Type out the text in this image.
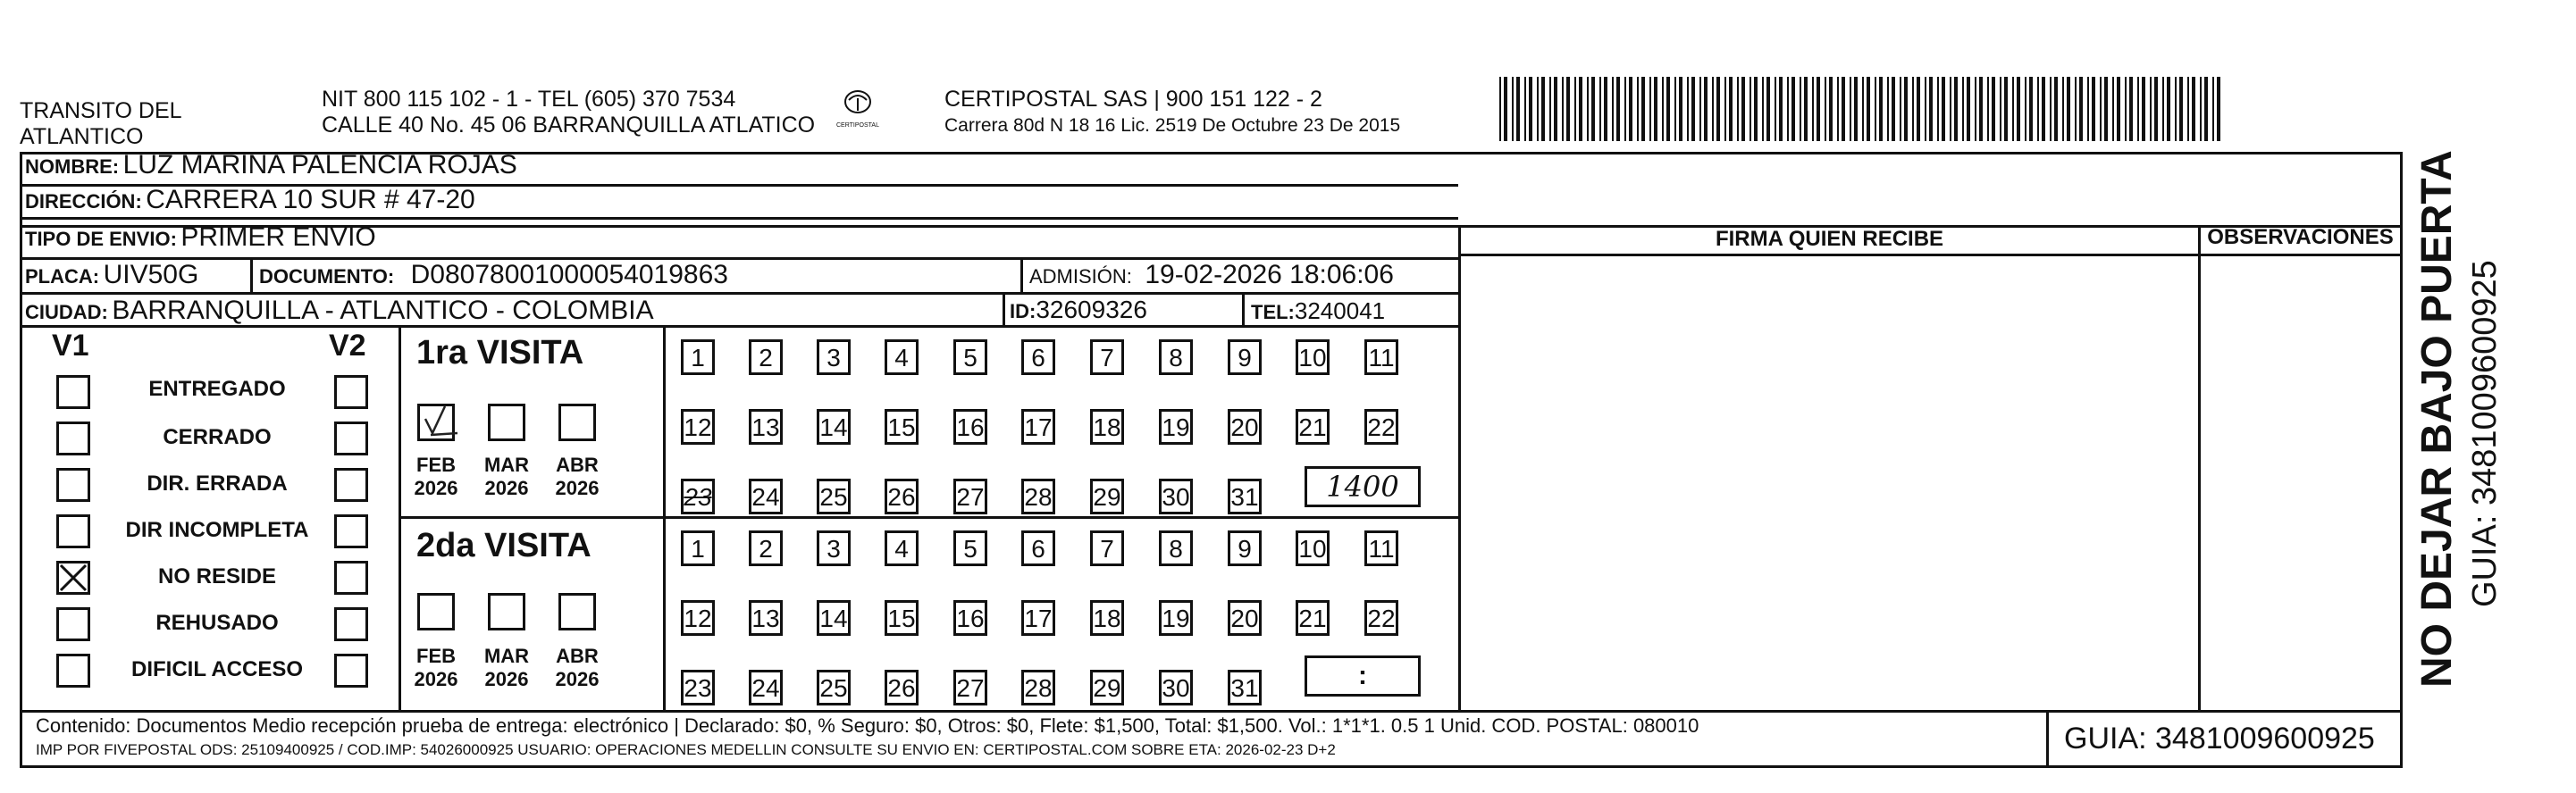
TRANSITO DEL
ATLANTICO
NIT 800 115 102 - 1 - TEL (605) 370 7534
CALLE 40 No. 45 06 BARRANQUILLA ATLATICO	CERTIPOSTAL
CERTIPOSTAL SAS | 900 151 122 - 2
Carrera 80d N 18 16 Lic. 2519 De Octubre 23 De 2015
NOMBRE: LUZ MARINA PALENCIA ROJAS
DIRECCIÓN: CARRERA 10 SUR # 47-20
TIPO DE ENVIO: PRIMER ENVIO
PLACA: UIV50G	DOCUMENTO: D08078001000054019863	ADMISIÓN: 19-02-2026 18:06:06
CIUDAD: BARRANQUILLA - ATLANTICO - COLOMBIA	ID:32609326	TEL:3240041
FIRMA QUIEN RECIBE	OBSERVACIONES
V1	V2
ENTREGADO
CERRADO
DIR. ERRADA
DIR INCOMPLETA
NO RESIDE
REHUSADO
DIFICIL ACCESO
1ra VISITA
FEB
2026
MAR
2026
ABR
2026
1	2	3	4	5	6	7	8	9	10 11
12 13 14 15 16 17 18 19 20 21 22
23 24 25 26 27 28 29 30 31	1400
2da VISITA
FEB
2026
MAR
2026
ABR
2026
1	2	3	4	5	6	7	8	9	10 11
12 13 14 15 16 17 18 19 20 21 22
23 24 25 26 27 28 29 30 31	:	NO DEJAR BAJO PUERTA GUIA: 3481009600925
Contenido: Documentos Medio recepción prueba de entrega: electrónico | Declarado: $0, % Seguro: $0, Otros: $0, Flete: $1,500, Total: $1,500. Vol.: 1*1*1. 0.5 1 Unid. COD. POSTAL: 080010
IMP POR FIVEPOSTAL ODS: 25109400925 / COD.IMP: 54026000925 USUARIO: OPERACIONES MEDELLIN CONSULTE SU ENVIO EN: CERTIPOSTAL.COM SOBRE ETA: 2026-02-23 D+2	GUIA: 3481009600925
